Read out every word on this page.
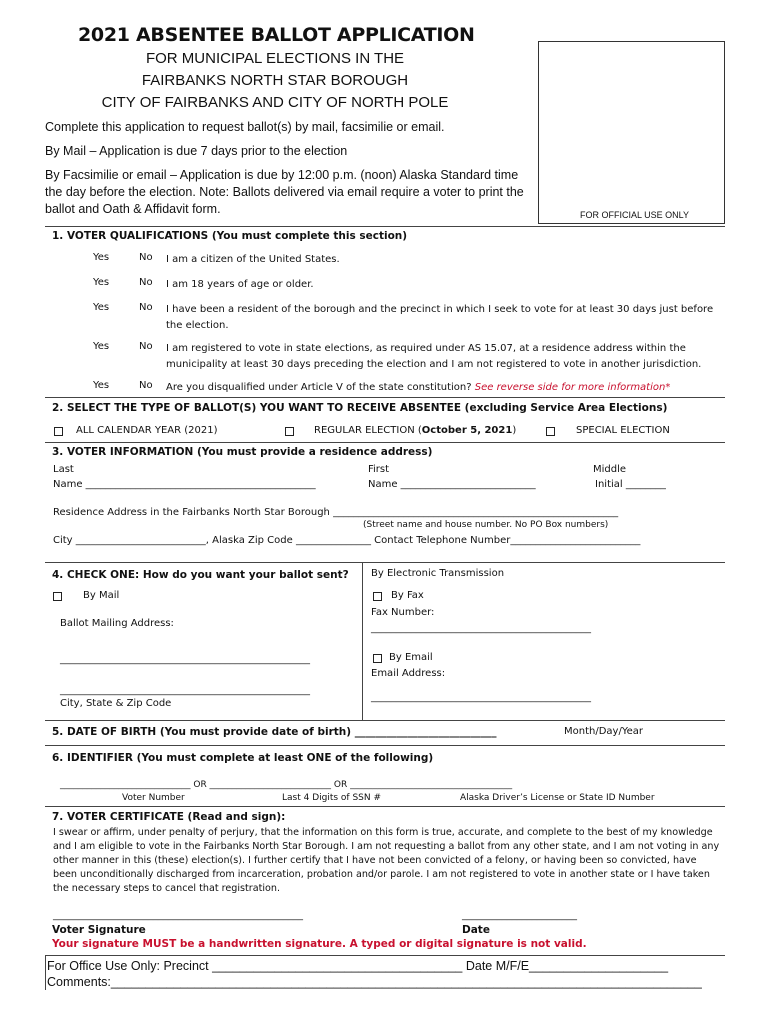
2021 ABSENTEE BALLOT APPLICATION
FOR MUNICIPAL ELECTIONS IN THE
FAIRBANKS NORTH STAR BOROUGH
CITY OF FAIRBANKS AND CITY OF NORTH POLE
FOR OFFICIAL USE ONLY
Complete this application to request ballot(s) by mail, facsimilie or email.
By Mail – Application is due 7 days prior to the election
By Facsimilie or email – Application is due by 12:00 p.m. (noon) Alaska Standard time the day before the election. Note: Ballots delivered via email require a voter to print the ballot and Oath & Affidavit form.
1. VOTER QUALIFICATIONS (You must complete this section)
Yes	No I am a citizen of the United States.
Yes	No I am 18 years of age or older.
Yes	No I have been a resident of the borough and the precinct in which I seek to vote for at least 30 days just before the election.
Yes	No I am registered to vote in state elections, as required under AS 15.07, at a residence address within the municipality at least 30 days preceding the election and I am not registered to vote in another jurisdiction.
Yes	No Are you disqualified under Article V of the state constitution? See reverse side for more information*
2. SELECT THE TYPE OF BALLOT(S) YOU WANT TO RECEIVE ABSENTEE (excluding Service Area Elections)
ALL CALENDAR YEAR (2021)	REGULAR ELECTION (October 5, 2021)	SPECIAL ELECTION
3. VOTER INFORMATION (You must provide a residence address)
Last
Name ______________________________________________
First
Name ___________________________
Middle
Initial ________
Residence Address in the Fairbanks North Star Borough _________________________________________________________
(Street name and house number. No PO Box numbers)
City __________________________, Alaska Zip Code _______________ Contact Telephone Number__________________________
4. CHECK ONE: How do you want your ballot sent?
By Mail
Ballot Mailing Address:
__________________________________________________
__________________________________________________
City, State & Zip Code
By Electronic Transmission
By Fax
Fax Number:
____________________________________________
By Email
Email Address:
____________________________________________
5. DATE OF BIRTH (You must provide date of birth) ___________________________	Month/Day/Year
6. IDENTIFIER (You must complete at least ONE of the following)
_____________________________ OR ___________________________ OR ____________________________________
Voter Number	Last 4 Digits of SSN #	Alaska Driver’s License or State ID Number
7. VOTER CERTIFICATE (Read and sign):
I swear or affirm, under penalty of perjury, that the information on this form is true, accurate, and complete to the best of my knowledge and I am eligible to vote in the Fairbanks North Star Borough. I am not requesting a ballot from any other state, and I am not voting in any other manner in this (these) election(s). I further certify that I have not been convicted of a felony, or having been so convicted, have been unconditionally discharged from incarceration, probation and/or parole. I am not registered to vote in another state or I have taken the necessary steps to cancel that registration.
__________________________________________________	_______________________
Voter Signature	Date
Your signature MUST be a handwritten signature. A typed or digital signature is not valid.
For Office Use Only: Precinct ____________________________________ Date M/F/E____________________
Comments:_____________________________________________________________________________________
